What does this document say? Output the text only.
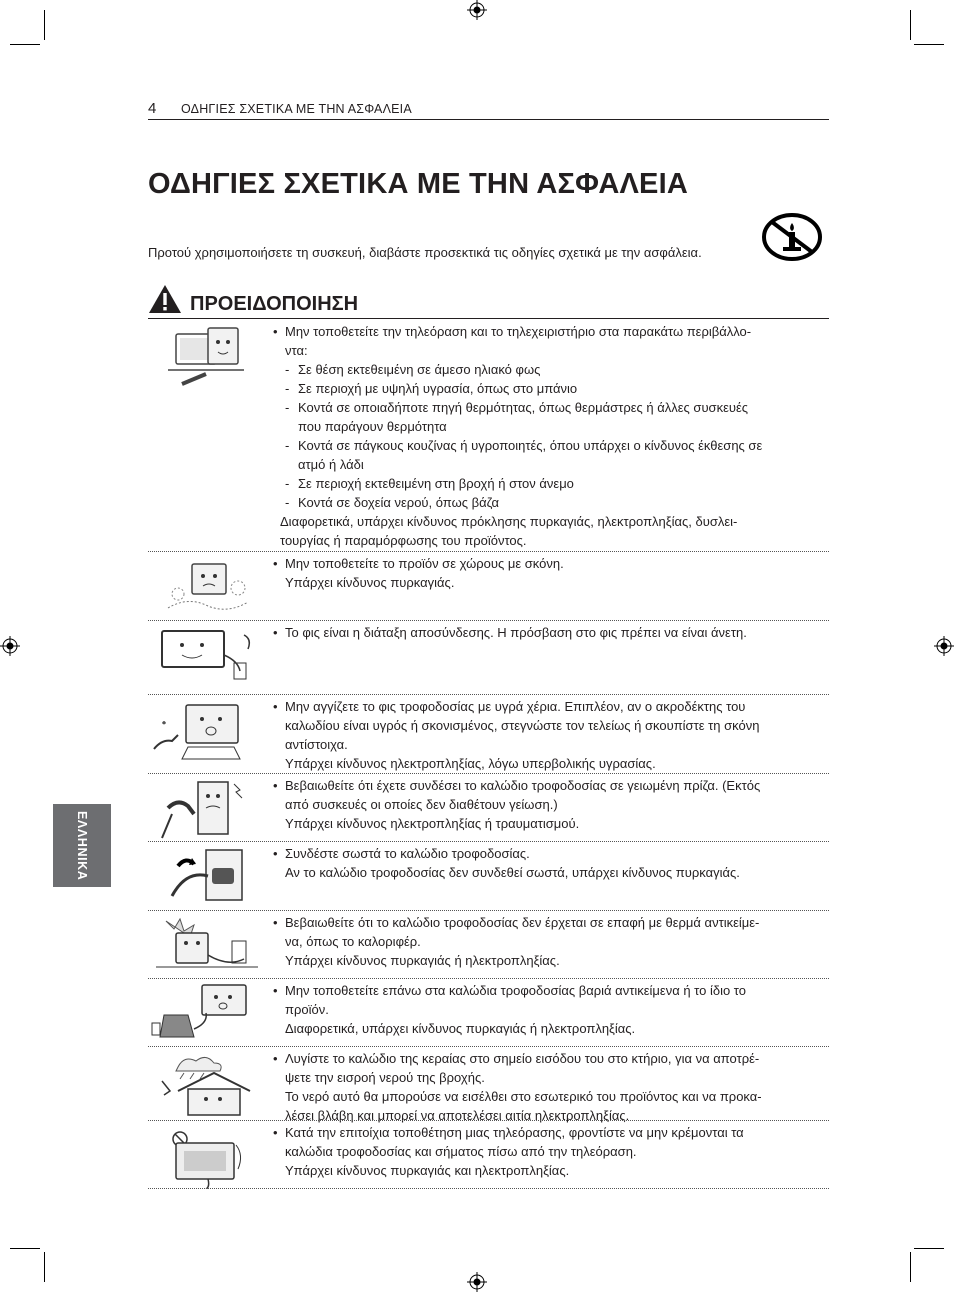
4 ΟΔΗΓΙΕΣ ΣΧΕΤΙΚΑ ΜΕ ΤΗΝ ΑΣΦΑΛΕΙΑ
ΟΔΗΓΙΕΣ ΣΧΕΤΙΚΑ ΜΕ ΤΗΝ ΑΣΦΑΛΕΙΑ
Προτού χρησιμοποιήσετε τη συσκευή, διαβάστε προσεκτικά τις οδηγίες σχετικά με την ασφάλεια.
ΠΡΟΕΙΔΟΠΟΙΗΣΗ
• Μην τοποθετείτε την τηλεόραση και το τηλεχειριστήριο στα παρακάτω περιβάλλο-
ντα:
- Σε θέση εκτεθειμένη σε άμεσο ηλιακό φως
- Σε περιοχή με υψηλή υγρασία, όπως στο μπάνιο
- Κοντά σε οποιαδήποτε πηγή θερμότητας, όπως θερμάστρες ή άλλες συσκευές
που παράγουν θερμότητα
- Κοντά σε πάγκους κουζίνας ή υγροποιητές, όπου υπάρχει ο κίνδυνος έκθεσης σε
ατμό ή λάδι
- Σε περιοχή εκτεθειμένη στη βροχή ή στον άνεμο
- Κοντά σε δοχεία νερού, όπως βάζα
Διαφορετικά, υπάρχει κίνδυνος πρόκλησης πυρκαγιάς, ηλεκτροπληξίας, δυσλει-
τουργίας ή παραμόρφωσης του προϊόντος.
• Μην τοποθετείτε το προϊόν σε χώρους με σκόνη.
Υπάρχει κίνδυνος πυρκαγιάς.
• Το φις είναι η διάταξη αποσύνδεσης. Η πρόσβαση στο φις πρέπει να είναι άνετη.
• Μην αγγίζετε το φις τροφοδοσίας με υγρά χέρια. Επιπλέον, αν ο ακροδέκτης του
καλωδίου είναι υγρός ή σκονισμένος, στεγνώστε τον τελείως ή σκουπίστε τη σκόνη
αντίστοιχα.
Υπάρχει κίνδυνος ηλεκτροπληξίας, λόγω υπερβολικής υγρασίας.
• Βεβαιωθείτε ότι έχετε συνδέσει το καλώδιο τροφοδοσίας σε γειωμένη πρίζα. (Εκτός
από συσκευές οι οποίες δεν διαθέτουν γείωση.)
Υπάρχει κίνδυνος ηλεκτροπληξίας ή τραυματισμού.
• Συνδέστε σωστά το καλώδιο τροφοδοσίας.
Αν το καλώδιο τροφοδοσίας δεν συνδεθεί σωστά, υπάρχει κίνδυνος πυρκαγιάς.
• Βεβαιωθείτε ότι το καλώδιο τροφοδοσίας δεν έρχεται σε επαφή με θερμά αντικείμε-
να, όπως το καλοριφέρ.
Υπάρχει κίνδυνος πυρκαγιάς ή ηλεκτροπληξίας.
• Μην τοποθετείτε επάνω στα καλώδια τροφοδοσίας βαριά αντικείμενα ή το ίδιο το
προϊόν.
Διαφορετικά, υπάρχει κίνδυνος πυρκαγιάς ή ηλεκτροπληξίας.
• Λυγίστε το καλώδιο της κεραίας στο σημείο εισόδου του στο κτήριο, για να αποτρέ-
ψετε την εισροή νερού της βροχής.
Το νερό αυτό θα μπορούσε να εισέλθει στο εσωτερικό του προϊόντος και να προκα-
λέσει βλάβη και μπορεί να αποτελέσει αιτία ηλεκτροπληξίας.
• Κατά την επιτοίχια τοποθέτηση μιας τηλεόρασης, φροντίστε να μην κρέμονται τα
καλώδια τροφοδοσίας και σήματος πίσω από την τηλεόραση.
Υπάρχει κίνδυνος πυρκαγιάς και ηλεκτροπληξίας.
ΕΛΛΗΝΙΚΑ
